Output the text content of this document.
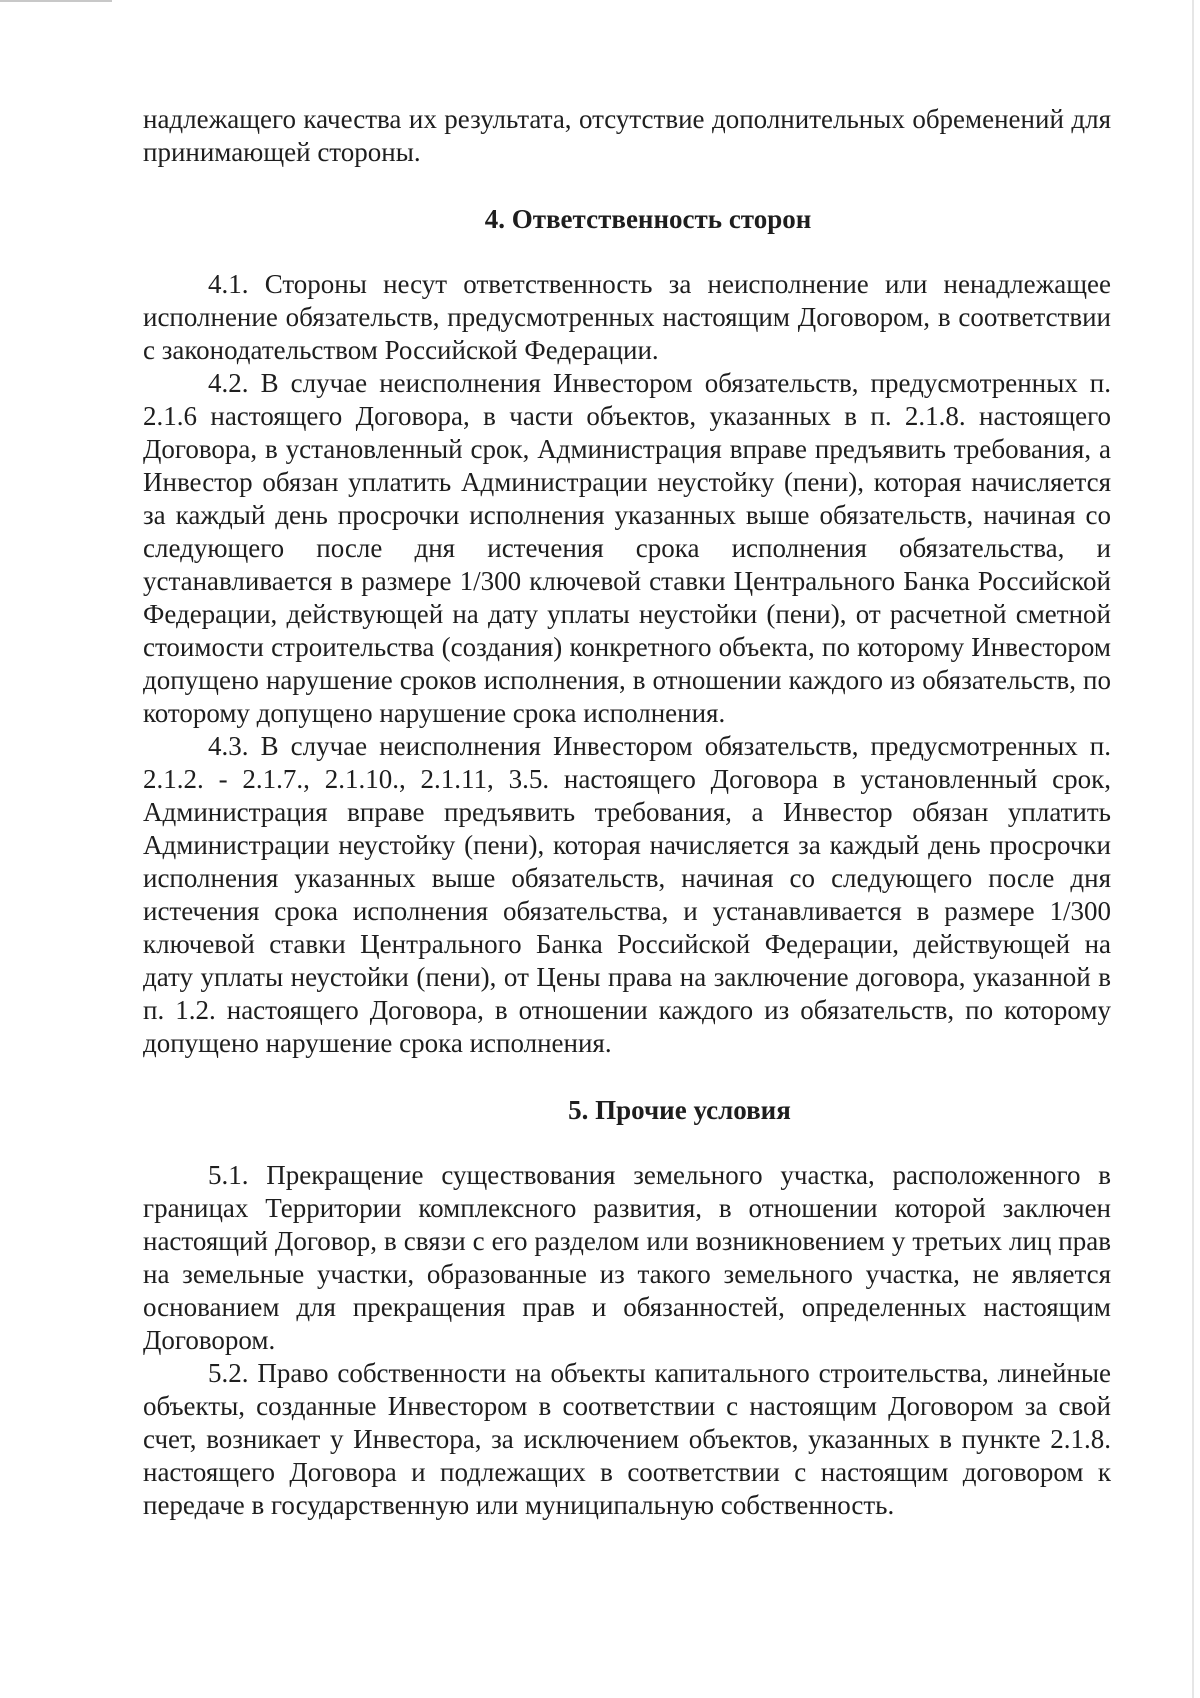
надлежащего качества их результата, отсутствие дополнительных обременений для принимающей стороны.

4. Ответственность сторон

4.1. Стороны несут ответственность за неисполнение или ненадлежащее исполнение обязательств, предусмотренных настоящим Договором, в соответствии с законодательством Российской Федерации.

4.2. В случае неисполнения Инвестором обязательств, предусмотренных п. 2.1.6 настоящего Договора, в части объектов, указанных в п. 2.1.8. настоящего Договора, в установленный срок, Администрация вправе предъявить требования, а Инвестор обязан уплатить Администрации неустойку (пени), которая начисляется за каждый день просрочки исполнения указанных выше обязательств, начиная со следующего после дня истечения срока исполнения обязательства, и устанавливается в размере 1/300 ключевой ставки Центрального Банка Российской Федерации, действующей на дату уплаты неустойки (пени), от расчетной сметной стоимости строительства (создания) конкретного объекта, по которому Инвестором допущено нарушение сроков исполнения, в отношении каждого из обязательств, по которому допущено нарушение срока исполнения.

4.3. В случае неисполнения Инвестором обязательств, предусмотренных п. 2.1.2. - 2.1.7., 2.1.10., 2.1.11, 3.5. настоящего Договора в установленный срок, Администрация вправе предъявить требования, а Инвестор обязан уплатить Администрации неустойку (пени), которая начисляется за каждый день просрочки исполнения указанных выше обязательств, начиная со следующего после дня истечения срока исполнения обязательства, и устанавливается в размере 1/300 ключевой ставки Центрального Банка Российской Федерации, действующей на дату уплаты неустойки (пени), от Цены права на заключение договора, указанной в п. 1.2. настоящего Договора, в отношении каждого из обязательств, по которому допущено нарушение срока исполнения.

5. Прочие условия

5.1. Прекращение существования земельного участка, расположенного в границах Территории комплексного развития, в отношении которой заключен настоящий Договор, в связи с его разделом или возникновением у третьих лиц прав на земельные участки, образованные из такого земельного участка, не является основанием для прекращения прав и обязанностей, определенных настоящим Договором.

5.2. Право собственности на объекты капитального строительства, линейные объекты, созданные Инвестором в соответствии с настоящим Договором за свой счет, возникает у Инвестора, за исключением объектов, указанных в пункте 2.1.8. настоящего Договора и подлежащих в соответствии с настоящим договором к передаче в государственную или муниципальную собственность.
